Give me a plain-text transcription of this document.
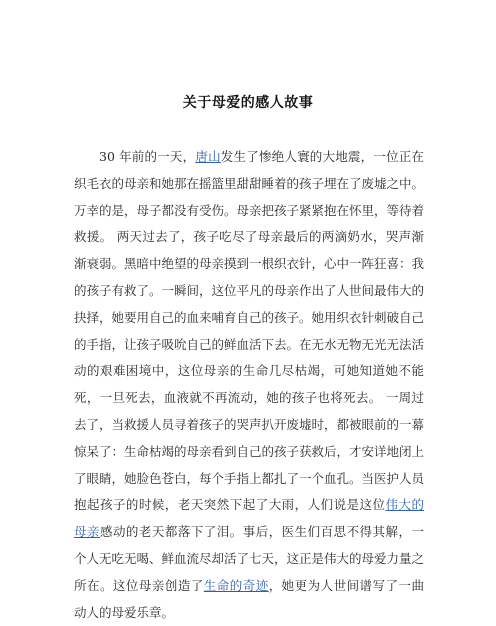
关于母爱的感人故事

30 年前的一天，唐山发生了惨绝人寰的大地震，一位正在织毛衣的母亲和她那在摇篮里甜甜睡着的孩子埋在了废墟之中。万幸的是，母子都没有受伤。母亲把孩子紧紧抱在怀里，等待着救援。 两天过去了，孩子吃尽了母亲最后的两滴奶水，哭声渐渐衰弱。黑暗中绝望的母亲摸到一根织衣针，心中一阵狂喜：我的孩子有救了。一瞬间，这位平凡的母亲作出了人世间最伟大的抉择，她要用自己的血来哺育自己的孩子。她用织衣针刺破自己的手指，让孩子吸吮自己的鲜血活下去。在无水无物无光无法活动的艰难困境中，这位母亲的生命几尽枯竭，可她知道她不能死，一旦死去，血液就不再流动，她的孩子也将死去。 一周过去了，当救援人员寻着孩子的哭声扒开废墟时，都被眼前的一幕惊呆了：生命枯竭的母亲看到自己的孩子获救后，才安详地闭上了眼睛，她脸色苍白，每个手指上都扎了一个血孔。当医护人员抱起孩子的时候，老天突然下起了大雨，人们说是这位伟大的母亲感动的老天都落下了泪。事后，医生们百思不得其解，一个人无吃无喝、鲜血流尽却活了七天，这正是伟大的母爱力量之所在。这位母亲创造了生命的奇迹，她更为人世间谱写了一曲动人的母爱乐章。
